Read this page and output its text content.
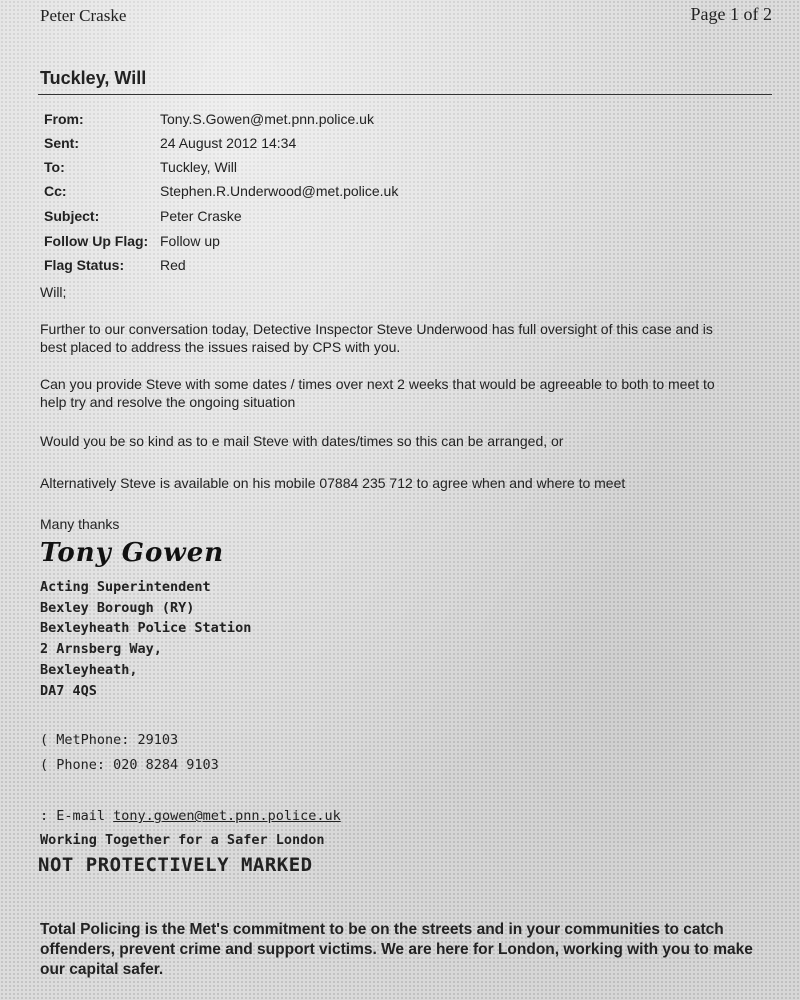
Peter Craske	Page 1 of 2
Tuckley, Will
From:	Tony.S.Gowen@met.pnn.police.uk
Sent:	24 August 2012 14:34
To:	Tuckley, Will
Cc:	Stephen.R.Underwood@met.police.uk
Subject:	Peter Craske
Follow Up Flag: Follow up
Flag Status:	Red
Will;
Further to our conversation today, Detective Inspector Steve Underwood has full oversight of this case and is best placed to address the issues raised by CPS with you.
Can you provide Steve with some dates / times over next 2 weeks that would be agreeable to both to meet to help try and resolve the ongoing situation
Would you be so kind as to e mail Steve with dates/times so this can be arranged, or
Alternatively Steve is available on his mobile 07884 235 712 to agree when and where to meet
Many thanks
Tony Gowen
Acting Superintendent
Bexley Borough (RY)
Bexleyheath Police Station
2 Arnsberg Way,
Bexleyheath,
DA7 4QS
( MetPhone: 29103
( Phone: 020 8284 9103
: E-mail tony.gowen@met.pnn.police.uk
Working Together for a Safer London
NOT PROTECTIVELY MARKED
Total Policing is the Met's commitment to be on the streets and in your communities to catch offenders, prevent crime and support victims. We are here for London, working with you to make our capital safer.
